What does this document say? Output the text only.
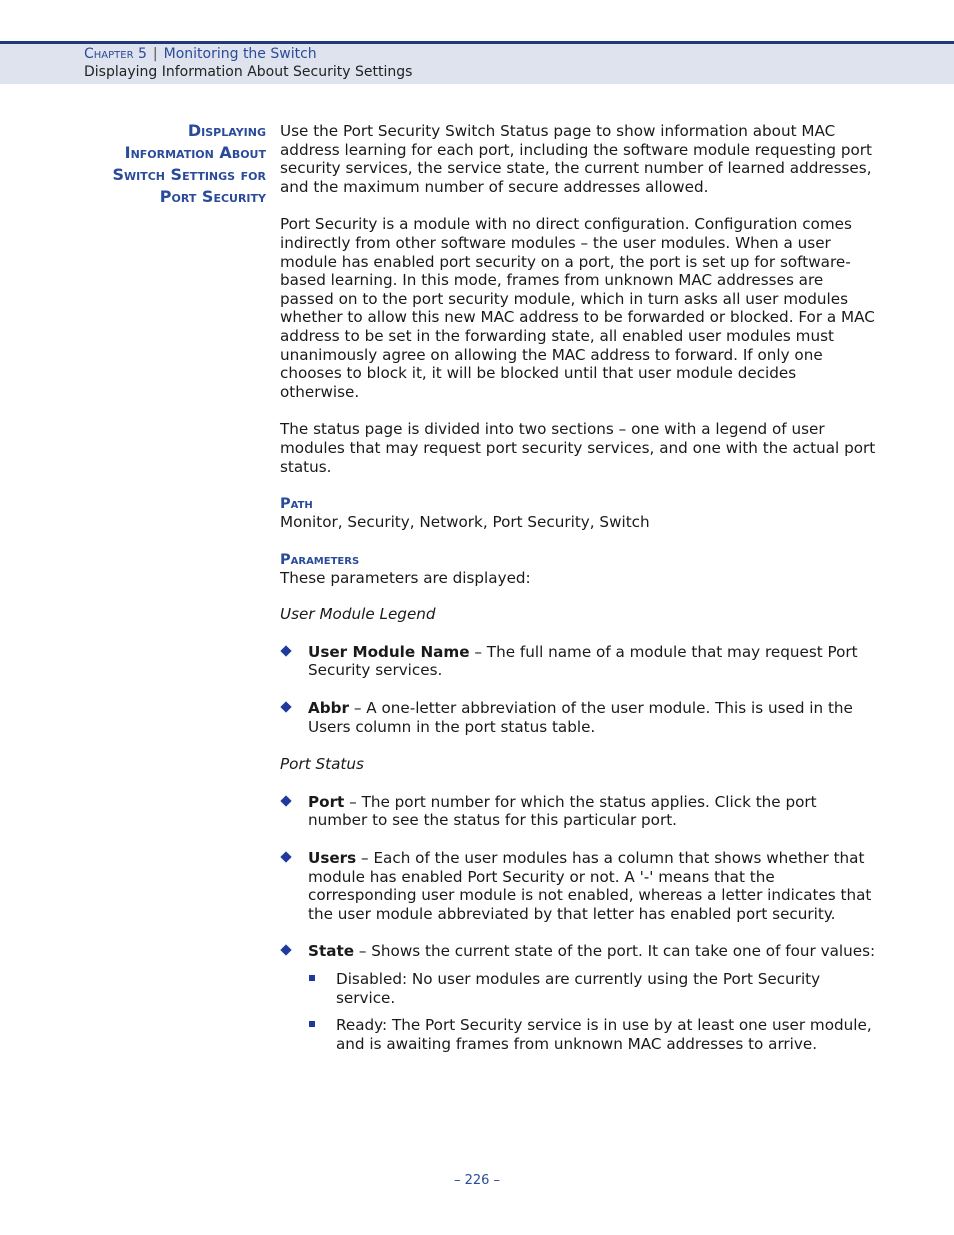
Chapter 5 | Monitoring the Switch
Displaying Information About Security Settings
Displaying
Information About
Switch Settings for
Port Security

Use the Port Security Switch Status page to show information about MAC address learning for each port, including the software module requesting port security services, the service state, the current number of learned addresses, and the maximum number of secure addresses allowed.

Port Security is a module with no direct configuration. Configuration comes indirectly from other software modules – the user modules. When a user module has enabled port security on a port, the port is set up for software-based learning. In this mode, frames from unknown MAC addresses are passed on to the port security module, which in turn asks all user modules whether to allow this new MAC address to be forwarded or blocked. For a MAC address to be set in the forwarding state, all enabled user modules must unanimously agree on allowing the MAC address to forward. If only one chooses to block it, it will be blocked until that user module decides otherwise.

The status page is divided into two sections – one with a legend of user modules that may request port security services, and one with the actual port status.

Path

Monitor, Security, Network, Port Security, Switch

Parameters

These parameters are displayed:

User Module Legend

User Module Name – The full name of a module that may request Port Security services.
Abbr – A one-letter abbreviation of the user module. This is used in the Users column in the port status table.

Port Status

Port – The port number for which the status applies. Click the port number to see the status for this particular port.
Users – Each of the user modules has a column that shows whether that module has enabled Port Security or not. A '-' means that the corresponding user module is not enabled, whereas a letter indicates that the user module abbreviated by that letter has enabled port security.
State – Shows the current state of the port. It can take one of four values:
Disabled: No user modules are currently using the Port Security service.
Ready: The Port Security service is in use by at least one user module, and is awaiting frames from unknown MAC addresses to arrive.
– 226 –
